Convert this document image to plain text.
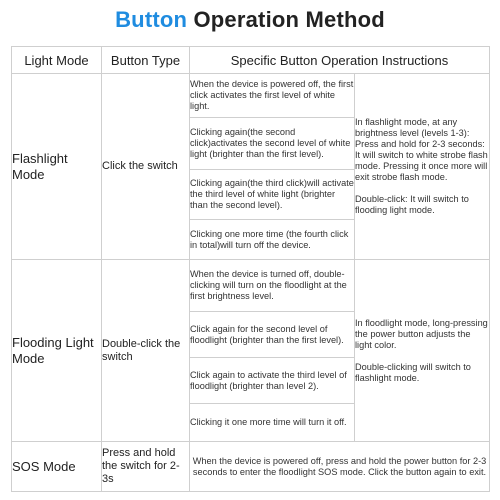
Button Operation Method
Light Mode	Button Type	Specific Button Operation Instructions	
Flashlight Mode	Click the switch	When the device is powered off, the first click activates the first level of white light.	In flashlight mode, at any brightness level (levels 1-3): Press and hold for 2-3 seconds: It will switch to white strobe flash mode. Pressing it once more will exit strobe flash mode.

Double-click: It will switch to flooding light mode.

		Clicking again(the second click)activates the second level of white light (brighter than the first level).	
		Clicking again(the third click)will activate the third level of white light (brighter than the second level).	
		Clicking one more time (the fourth click in total)will turn off the device.	
Flooding Light Mode	Double-click the switch	When the device is turned off, double-clicking will turn on the floodlight at the first brightness level.	In floodlight mode, long-pressing the power button adjusts the light color.

Double-clicking will switch to flashlight mode.

		Click again for the second level of floodlight (brighter than the first level).	
		Click again to activate the third level of floodlight (brighter than level 2).	
		Clicking it one more time will turn it off.	
SOS Mode	Press and hold the switch for 2-3s	When the device is powered off, press and hold the power button for 2-3 seconds to enter the floodlight SOS mode. Click the button again to exit.	
